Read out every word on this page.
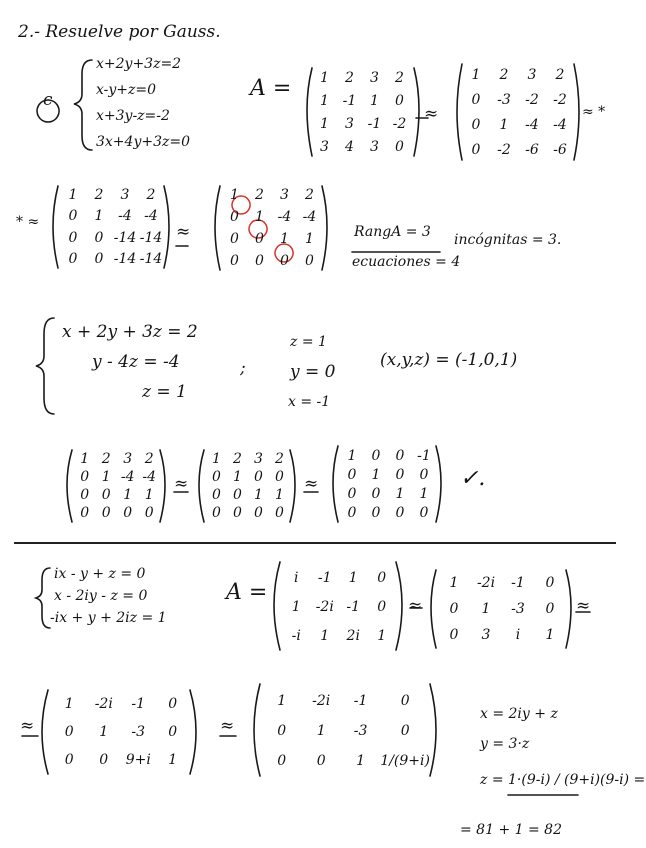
2.- Resuelve por Gauss.
c
x+2y+3z=2
x-y+z=0
x+3y-z=-2
3x+4y+3z=0
A =	1	2	3	2
1 -1 1	0
1	3 -1 -2
3	4	3	0
≈
1	2	3	2
0	-3	-2	-2
0	1	-4	-4
0	-2	-6	-6
≈ *
* ≈
1	2	3	2
0	1	-4 -4
0	0 -14 -14
0	0 -14 -14
≈
1	2	3	2
0	1 -4 -4
0	0	1	1
0	0	0	0
RangA = 3
ecuaciones = 4
incógnitas = 3.
x + 2y + 3z = 2
y - 4z = -4
z = 1
;
z = 1
y = 0
x = -1
(x,y,z) = (-1,0,1)
1 2 3 2
0 1 -4 -4
0 0 1 1
0 0 0 0
≈
1 2 3 2
0 1 0 0
0 0 1 1
0 0 0 0
≈
1	0	0 -1
0	1	0	0
0	0	1	1
0	0	0	0
✓.
ix - y + z = 0
x - 2iy - z = 0
-ix + y + 2iz = 1
A =
i	-1	1	0
1	-2i -1	0
-i	1	2i	1
≈
1	-2i	-1	0
0	1	-3	0
0	3	i	1
≈
≈
1	-2i	-1	0
0	1	-3	0
0	0	9+i	1
≈
1	-2i	-1	0
0	1	-3	0
0	0	1	1/(9+i)
x = 2iy + z
y = 3·z
z = 1·(9-i) / (9+i)(9-i) =
= 81 + 1 = 82
